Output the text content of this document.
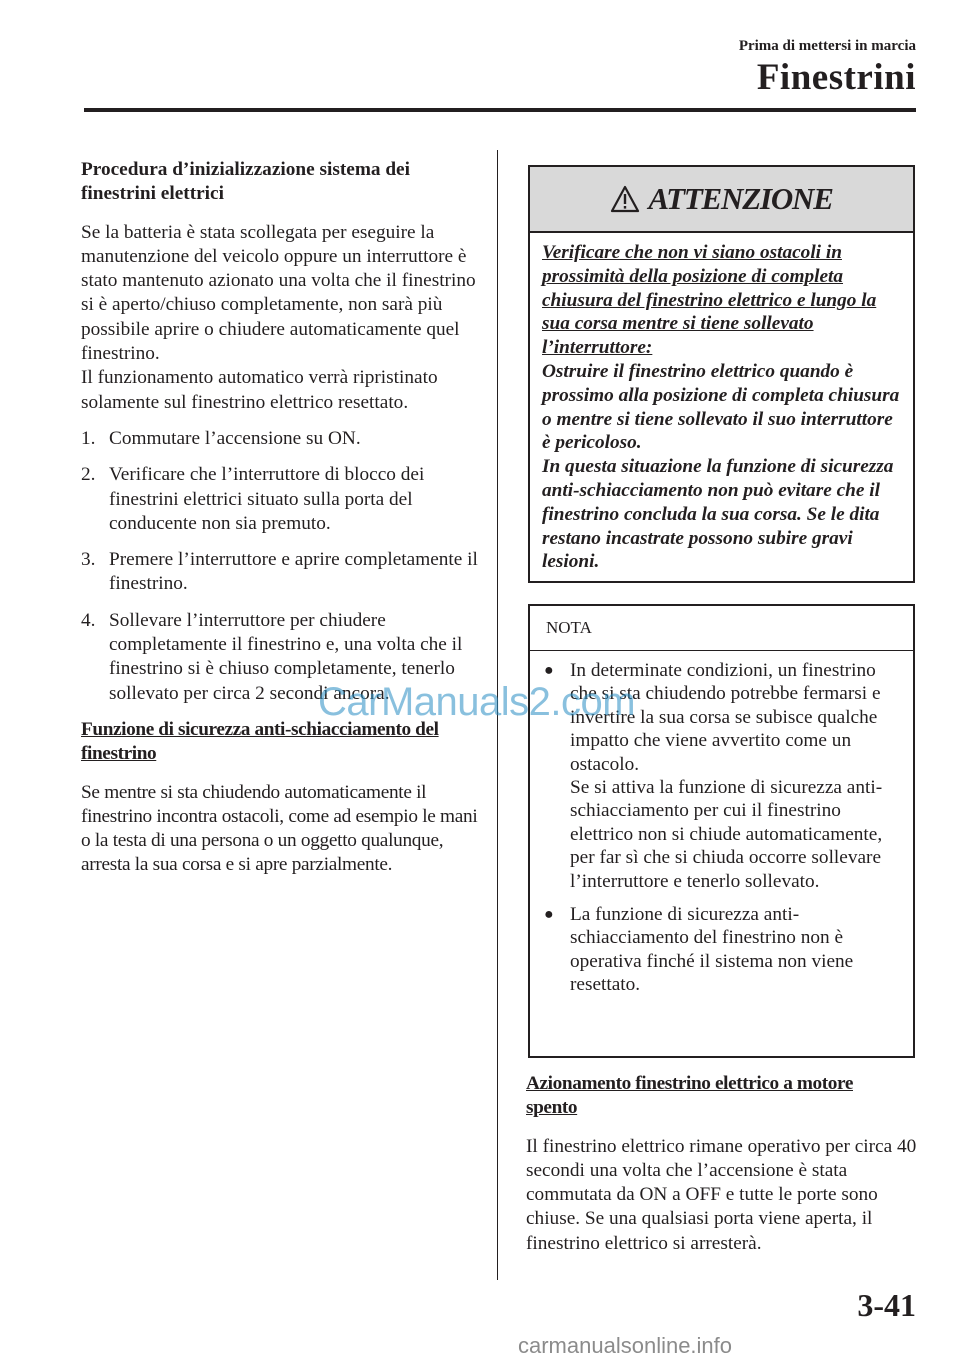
Prima di mettersi in marcia
Finestrini

Procedura d’inizializzazione sistema dei finestrini elettrici

Se la batteria è stata scollegata per eseguire la manutenzione del veicolo oppure un interruttore è stato mantenuto azionato una volta che il finestrino si è aperto/chiuso completamente, non sarà più possibile aprire o chiudere automaticamente quel finestrino.

Il funzionamento automatico verrà ripristinato solamente sul finestrino elettrico resettato.

1. Commutare l’accensione su ON.
2. Verificare che l’interruttore di blocco dei finestrini elettrici situato sulla porta del conducente non sia premuto.
3. Premere l’interruttore e aprire completamente il finestrino.
4. Sollevare l’interruttore per chiudere completamente il finestrino e, una volta che il finestrino si è chiuso completamente, tenerlo sollevato per circa 2 secondi ancora.

Funzione di sicurezza anti-schiacciamento del finestrino

Se mentre si sta chiudendo automaticamente il finestrino incontra ostacoli, come ad esempio le mani o la testa di una persona o un oggetto qualunque, arresta la sua corsa e si apre parzialmente.

ATTENZIONE
Verificare che non vi siano ostacoli in prossimità della posizione di completa chiusura del finestrino elettrico e lungo la sua corsa mentre si tiene sollevato l’interruttore:
Ostruire il finestrino elettrico quando è prossimo alla posizione di completa chiusura o mentre si tiene sollevato il suo interruttore è pericoloso.
In questa situazione la funzione di sicurezza anti-schiacciamento non può evitare che il finestrino concluda la sua corsa. Se le dita restano incastrate possono subire gravi lesioni.
NOTA
● In determinate condizioni, un finestrino che si sta chiudendo potrebbe fermarsi e invertire la sua corsa se subisce qualche impatto che viene avvertito come un ostacolo.
Se si attiva la funzione di sicurezza anti-schiacciamento per cui il finestrino elettrico non si chiude automaticamente, per far sì che si chiuda occorre sollevare l’interruttore e tenerlo sollevato.
● La funzione di sicurezza anti-schiacciamento del finestrino non è operativa finché il sistema non viene resettato.

Azionamento finestrino elettrico a motore spento

Il finestrino elettrico rimane operativo per circa 40 secondi una volta che l’accensione è stata commutata da ON a OFF e tutte le porte sono chiuse. Se una qualsiasi porta viene aperta, il finestrino elettrico si arresterà.

3-41
CarManuals2.com
carmanualsonline.info
